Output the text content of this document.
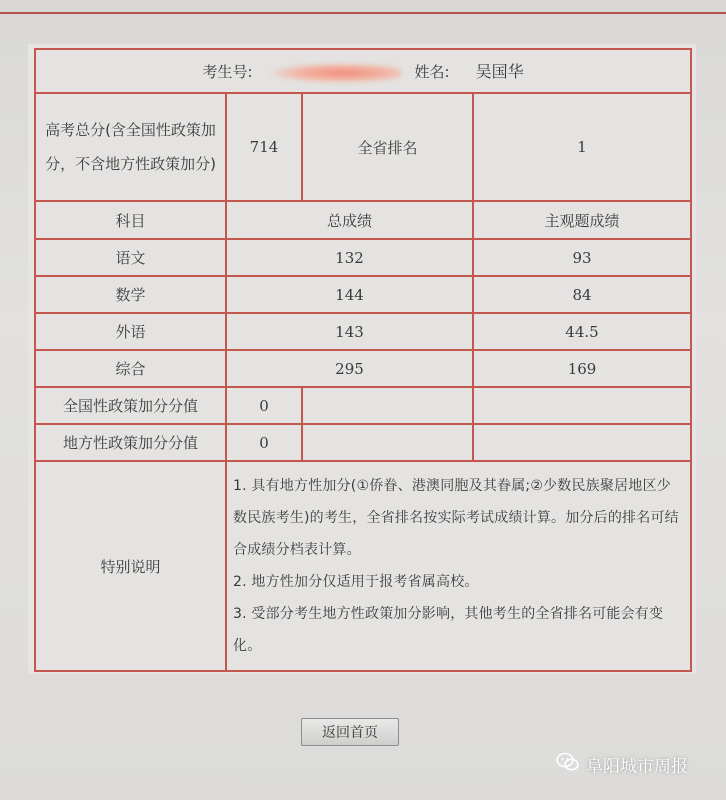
考生号: 姓名: 吴国华			
高考总分(含全国性政策加分，不含地方性政策加分)	714	全省排名	1
科目	总成绩		主观题成绩
语文	132		93
数学	144		84
外语	143		44.5
综合	295		169
全国性政策加分分值	0		
地方性政策加分分值	0		
特别说明	1. 具有地方性加分(①侨眷、港澳同胞及其眷属;②少数民族聚居地区少数民族考生)的考生，全省排名按实际考试成绩计算。加分后的排名可结合成绩分档表计算。

2. 地方性加分仅适用于报考省属高校。

3. 受部分考生地方性政策加分影响，其他考生的全省排名可能会有变化。		

返回首页
阜阳城市周报
